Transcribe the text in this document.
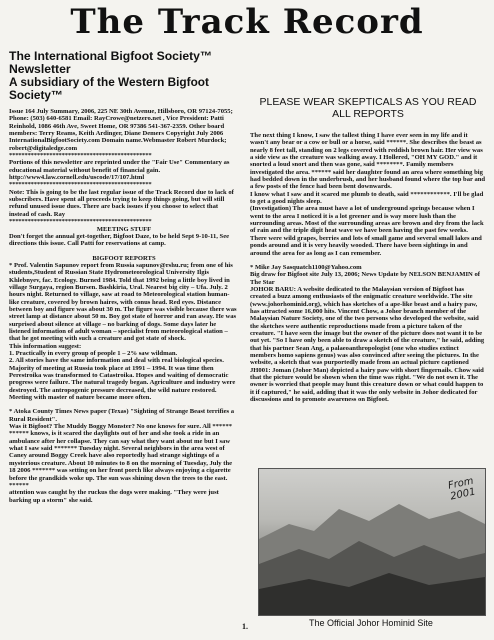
The Track Record
The International Bigfoot Society™ Newsletter
A subsidiary of the Western Bigfoot Society™

Issue 164 July Summary, 2006, 225 NE 30th Avenue, Hillsboro, OR 97124-7055; Phone: (503) 640-6581 Email: RayCrowe@netzero.net , Vice President: Patti Reinhold, 1086 46th Ave, Sweet Home, OR 97386 541-367-2359. Other board members: Terry Reams, Keith Ardinger, Diane Demers Copyright July 2006 InternationalBigfootSociety.com Domain name.Webmaster Robert Murdock; robert@digitaledge.com

**********************************************

Portions of this newsletter are reprinted under the "Fair Use" Commentary as educational material without benefit of financial gain. http://www4.law.cornell.edu/uscode/17/107.html

**********************************************

Note: This is going to be the last regular issue of the Track Record due to lack of subscribers. Have spent all proceeds trying to keep things going, but will still refund unused issue dues. There are back issues if you choose to select that instead of cash. Ray

**********************************************

MEETING STUFF

Don't forget the annual get-together, Bigfoot Daze, to be held Sept 9-10-11, See directions this issue. Call Patti for reservations at camp.

BIGFOOT REPORTS

* Prof. Valentin Sapunov report from Russia sapunov@rshu.ru; from one of his students,Student of Russian State Hydrometeorological University Ilgis Khlebnyev, fac. Ecology. Burned 1984. Told that 1992 being a little boy lived in village Surgaya, region Bursen. Bashkiria, Ural. Nearest big city – Ufa. July. 2 hours night. Returned to village, saw at road to Meteorological station human-like creature, covered by brown haires, with conus head. Red eyes. Distance between boy and figure was about 30 m. The figure was visible because there was street lamp at distance about 50 m. Boy got state of horror and ran away. He was surprised about silence at village – no barking of dogs. Some days later he listened information of adult woman – specialist from meteorological station – that he got meeting with such a creature and got state of shock.

This information suggest:

1. Practically in every group of people 1 – 2% saw wildman.

2. All stories have the same information and deal with real biological species.

Majority of meeting at Russia took place at 1991 – 1994. It was time then Perestroika was transformed to Catastroika. Hopes and waiting of democratic progress were failure. The natural tragedy began. Agriculture and industry were destroyed. The antropogenic pressure decreased, the wild nature restored. Meeting with master of nature became more often.

* Atoka County Times News paper (Texas) "Sighting of Strange Beast terrifies a Rural Resident".

Was it Bigfoot? The Muddy Boggy Monster? No one knows for sure. All ****** ****** knows, is it scared the daylights out of her and she took a ride in an ambulance after her collapse. They can say what they want about me but I saw what I saw said ******* Tuesday night. Several neighbors in the area west of Caney around Boggy Creek have also reportedly had strange sightings of a mysterious creature. About 10 minutes to 8 on the morning of Tuesday, July the 18 2006 ******* was setting on her front porch like always enjoying a cigarette before the grandkids woke up. The sun was shining down the trees to the east. ******

attention was caught by the ruckus the dogs were making. "They were just barking up a storm" she said.

PLEASE WEAR SKEPTICALS AS YOU READ ALL REPORTS

The next thing I know, I saw the tallest thing I have ever seen in my life and it wasn't any bear or a cow or bull or a horse, said ******. She describes the beast as nearly 8 feet tall, standing on 2 legs covered with reddish brown hair. Her view was a side view as the creature was walking away. I Hollered, "OH MY GOD." and it snorted a loud snort and then was gone, said ********. Family members investigated the area. ****** said her daughter found an area where something big had bedded down in the underbrush, and her husband found where the top bar and a few posts of the fence had been bent downwards.

I know what I saw and it scared me plumb to death, said ************. I'll be glad to get a good nights sleep.

(Investigation) The area must have a lot of underground springs because when I went to the area I noticed it is a lot greener and is way more lush than the surrounding areas. Most of the surrounding areas are brown and dry from the lack of rain and the triple digit heat wave we have been having the past few weeks. There were wild grapes, berries and lots of small game and several small lakes and ponds around and it is very heavily wooded. There have been sightings in and around the area for as long as I can remember.

* Mike Jay Sasquatch1100@Yahoo.com

Big draw for Bigfoot site July 13, 2006; News Update by NELSON BENJAMIN of The Star

JOHOR BARU: A website dedicated to the Malaysian version of Bigfoot has created a buzz among enthusiasts of the enigmatic creature worldwide. The site (www.johorhominid.org), which has sketches of a ape-like beast and a hairy paw, has attracted some 16,000 hits. Vincent Chow, a Johor branch member of the Malaysian Nature Society, one of the two persons who developed the website, said the sketches were authentic reproductions made from a picture taken of the creature. "I have seen the image but the owner of the picture does not want it to be out yet. "So I have only been able to draw a sketch of the creature," he said, adding that his partner Sean Ang, a palaeoanthropologist (one who studies extinct members homo sapiens genus) was also convinced after seeing the pictures. In the website, a sketch that was purportedly made from an actual picture captioned JH001: Joman (Johor Man) depicted a hairy paw with short fingernails. Chow said that the picture would be shown when the time was right. "We do not own it. The owner is worried that people may hunt this creature down or what could happen to it if captured," he said, adding that it was the only website in Johor dedicated for discussions and to promote awareness on Bigfoot.

From 2001
The Official Johor Hominid Site
1.
